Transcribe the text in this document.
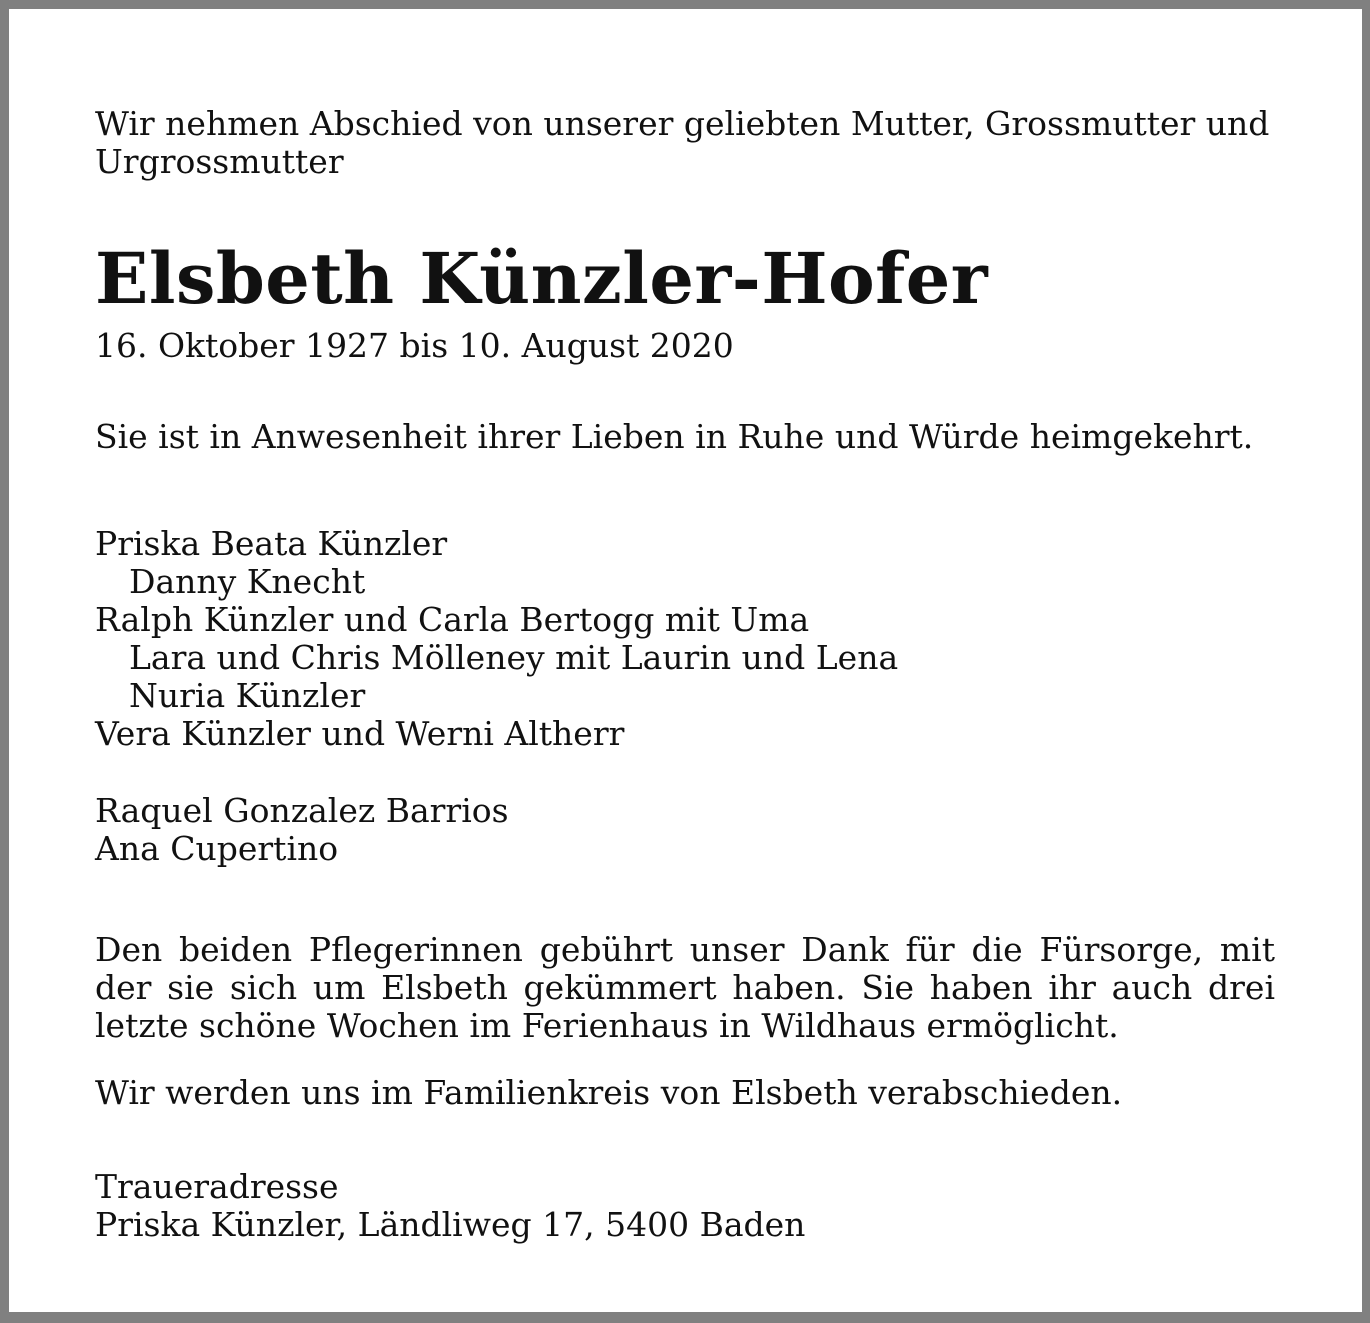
Wir nehmen Abschied von unserer geliebten Mutter, Grossmutter und
Urgrossmutter
Elsbeth Künzler-Hofer
16. Oktober 1927 bis 10. August 2020
Sie ist in Anwesenheit ihrer Lieben in Ruhe und Würde heimgekehrt.
Priska Beata Künzler
Danny Knecht
Ralph Künzler und Carla Bertogg mit Uma
Lara und Chris Mölleney mit Laurin und Lena
Nuria Künzler
Vera Künzler und Werni Altherr
Raquel Gonzalez Barrios
Ana Cupertino
Den beiden Pflegerinnen gebührt unser Dank für die Fürsorge, mit der sie sich um Elsbeth gekümmert haben. Sie haben ihr auch drei letzte schöne Wochen im Ferienhaus in Wildhaus ermöglicht.
Wir werden uns im Familienkreis von Elsbeth verabschieden.
Traueradresse
Priska Künzler, Ländliweg 17, 5400 Baden
